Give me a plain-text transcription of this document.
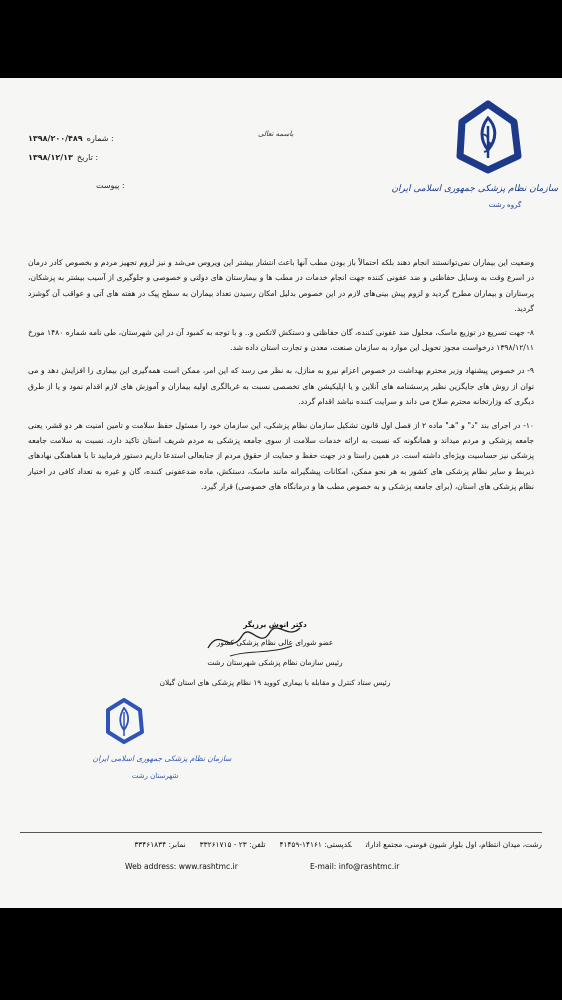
سازمان نظام پزشکی جمهوری اسلامی ایران
گروه رشت
باسمه تعالی
: شماره۱۳۹۸/۲۰۰/۴۸۹
: تاریخ۱۳۹۸/۱۲/۱۳
: پیوست

وضعیت این بیماران نمی‌توانستند انجام دهند بلکه احتمالاً باز بودن مطب آنها باعث انتشار بیشتر این ویروس می‌شد و نیز لزوم تجهیز مردم و بخصوص کادر درمان در اسرع وقت به وسایل حفاظتی و ضد عفونی کننده جهت انجام خدمات در مطب ها و بیمارستان های دولتی و خصوصی و جلوگیری از آسیب بیشتر به پزشکان، پرستاران و بیماران مطرح گردید و لزوم پیش بینی‌های لازم در این خصوص بدلیل امکان رسیدن تعداد بیماران به سطح پیک در هفته های آتی و عواقب آن گوشزد گردید.

۸- جهت تسریع در توزیع ماسک، محلول ضد عفونی کننده، گان حفاظتی و دستکش لاتکس و.. و با توجه به کمبود آن در این شهرستان، طی نامه شماره ۱۴۸۰ مورخ ۱۳۹۸/۱۲/۱۱ درخواست مجوز تحویل این موارد به سازمان صنعت، معدن و تجارت استان داده شد.

۹- در خصوص پیشنهاد وزیر محترم بهداشت در خصوص اعزام نیرو به منازل، به نظر می رسد که این امر، ممکن است همه‌گیری این بیماری را افزایش دهد و می توان از روش های جایگزین نظیر پرسشنامه های آنلاین و یا اپلیکیشن های تخصصی نسبت به غربالگری اولیه بیماران و آموزش های لازم اقدام نمود و یا از طرق دیگری که وزارتخانه محترم صلاح می داند و سرایت کننده نباشد اقدام گردد.

۱۰- در اجرای بند "د" و "هـ" ماده ۲ از فصل اول قانون تشکیل سازمان نظام پزشکی، این سازمان خود را مسئول حفظ سلامت و تامین امنیت هر دو قشر، یعنی جامعه پزشکی و مردم میداند و همانگونه که نسبت به ارائه خدمات سلامت از سوی جامعه پزشکی به مردم شریف استان تاکید دارد، نسبت به سلامت جامعه پزشکی نیز حساسیت ویژه‌ای داشته است. در همین راستا و در جهت حفظ و حمایت از حقوق مردم از جنابعالی استدعا داریم دستور فرمایید تا با هماهنگی نهادهای ذیربط و سایر نظام پزشکی های کشور به هر نحو ممکن، امکانات پیشگیرانه مانند ماسک، دستکش، ماده ضدعفونی کننده، گان و غیره به تعداد کافی در اختیار نظام پزشکی های استان، (برای جامعه پزشکی و به خصوص مطب ها و درمانگاه های خصوصی) قرار گیرد.

دکتر انوش برزیگر
عضو شورای عالی نظام پزشکی کشور
رئیس سازمان نظام پزشکی شهرستان رشت
رئیس ستاد کنترل و مقابله با بیماری کووید ۱۹ نظام پزشکی های استان گیلان
سازمان نظام پزشکی جمهوری اسلامی ایران
شهرستان رشت
رشت، میدان انتظام، اول بلوار شیون فومنی، مجتمع اداراتکدپستی: ۱۴۱۶۱-۴۱۴۵۹تلفن: ۲۳ - ۳۳۲۶۱۷۱۵نمابر: ۳۳۴۶۱۸۳۴
Web address: www.rashtmc.ir	E-mail: info@rashtmc.ir
